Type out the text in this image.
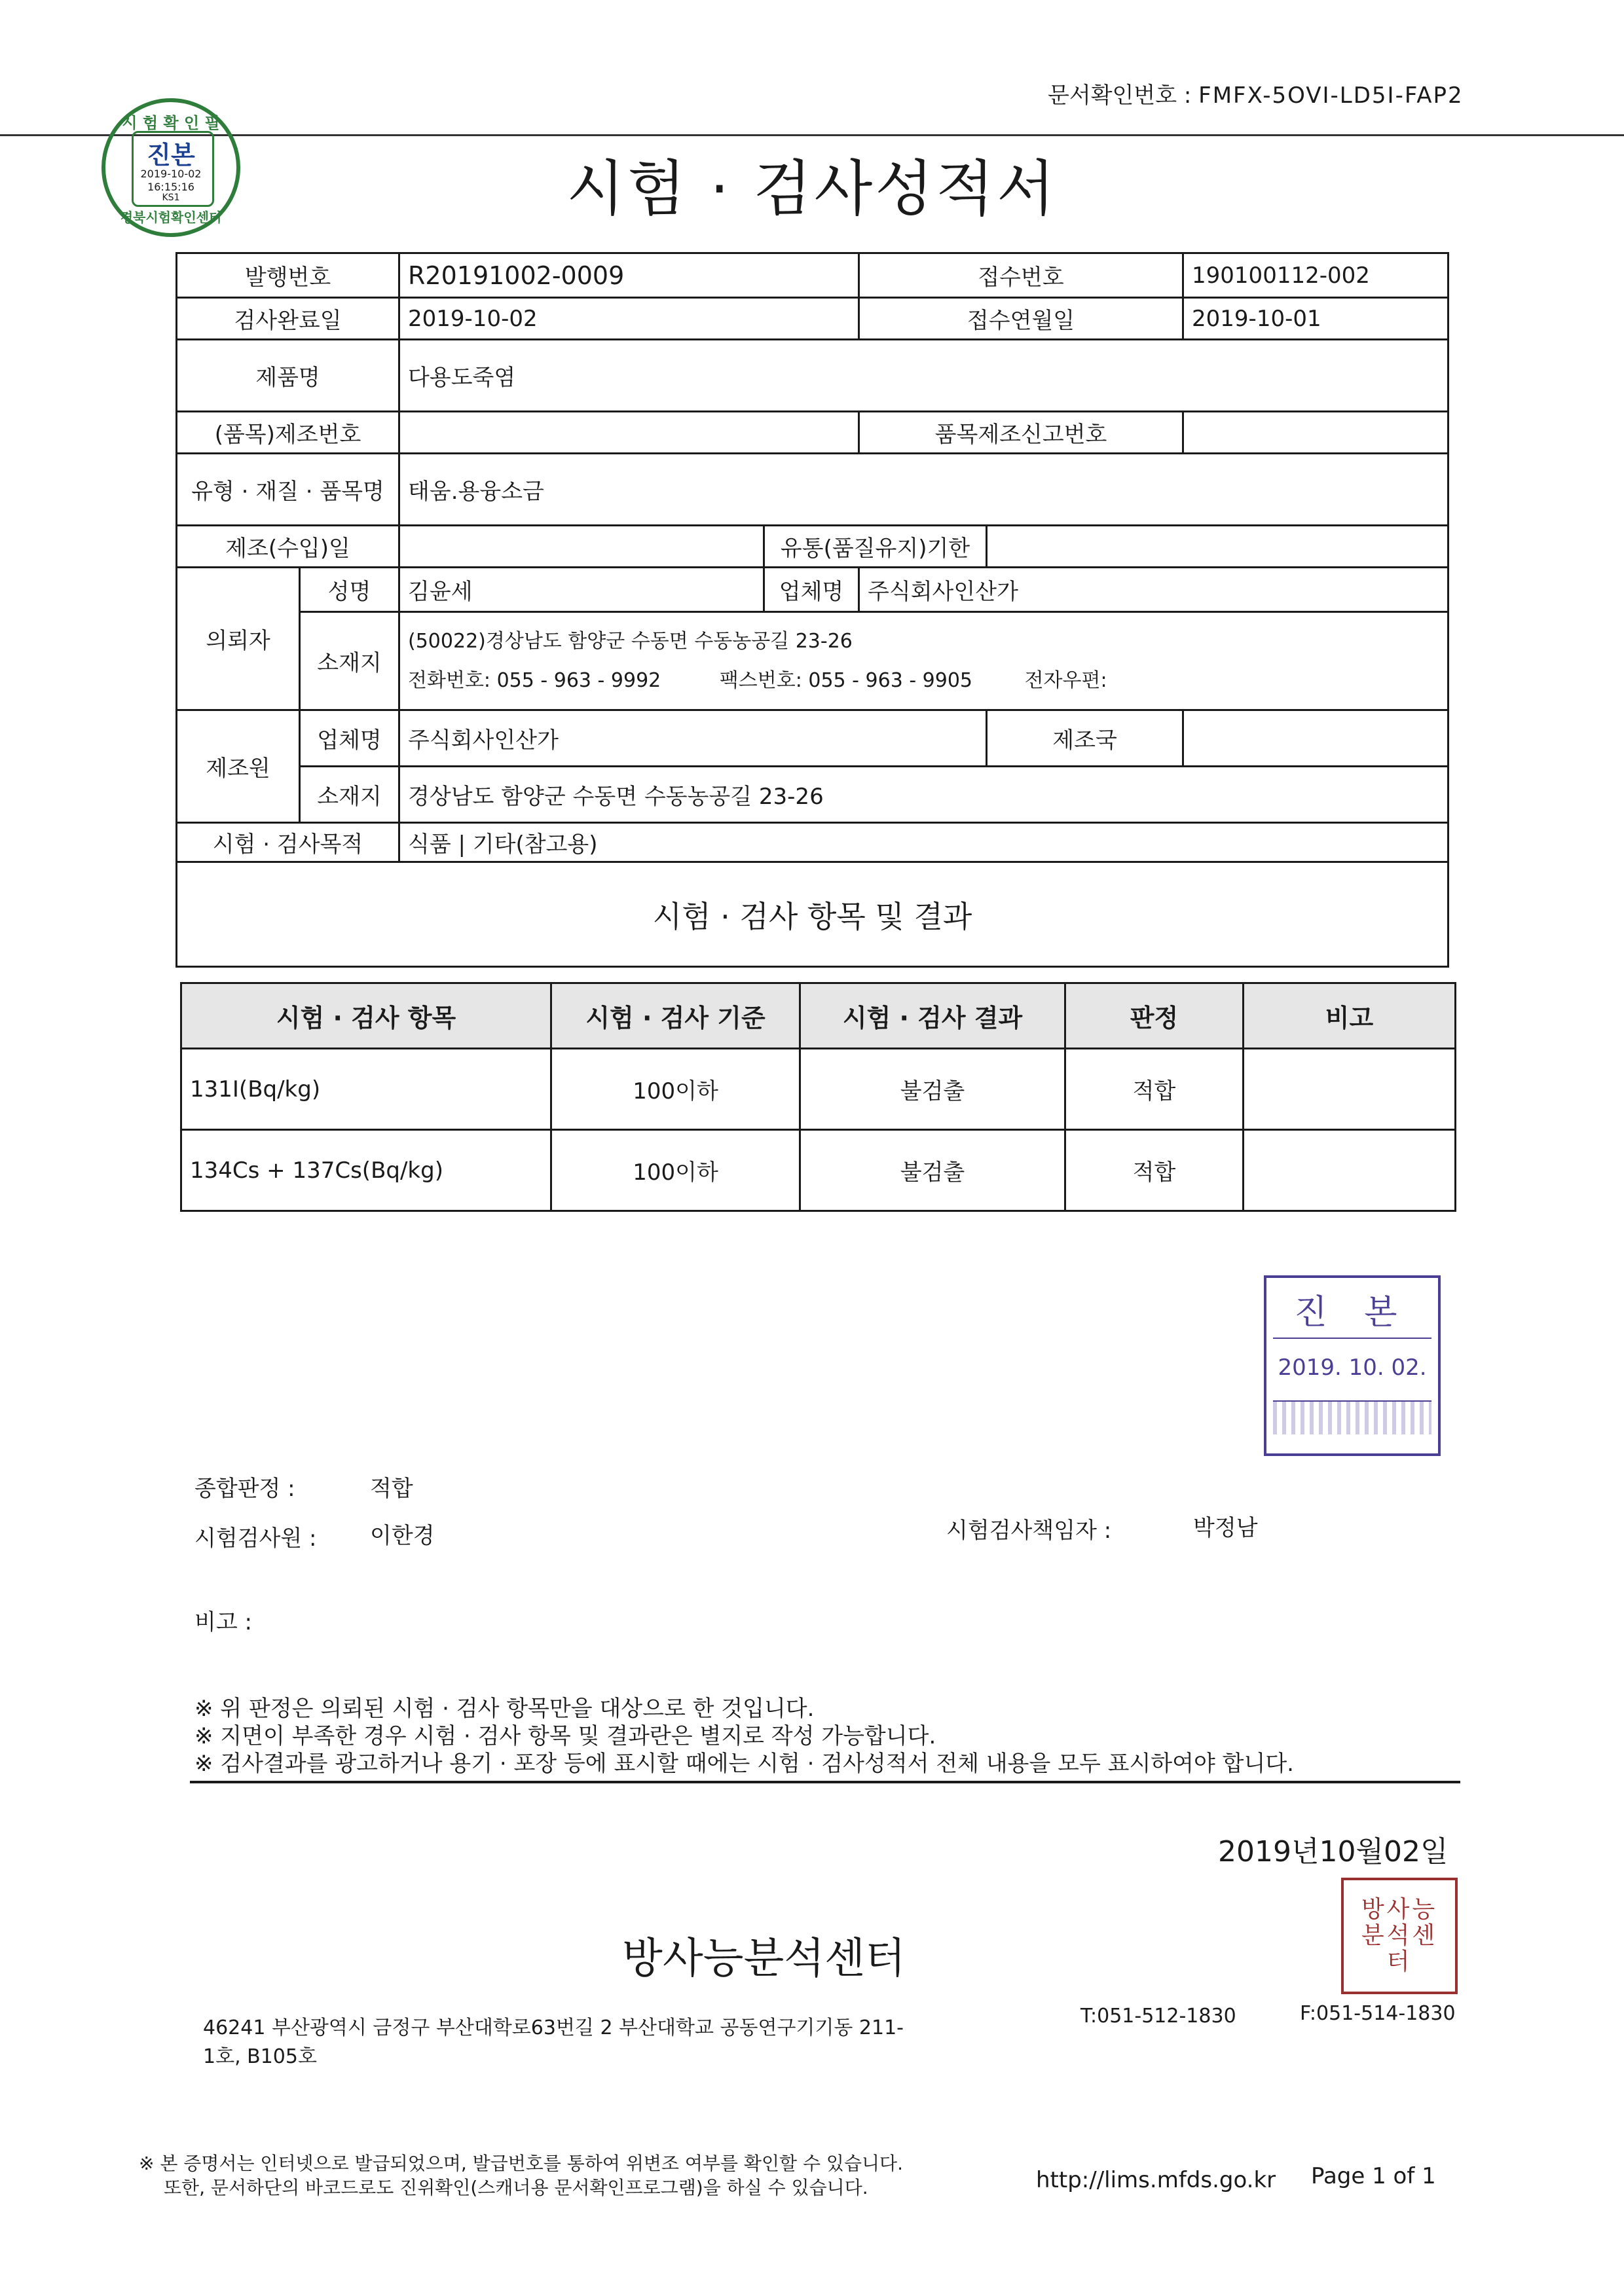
문서확인번호 : FMFX-5OVI-LD5I-FAP2
시 험 확 인 필
진본
2019-10-02
16:15:16
KS1
경북시험확인센터	시험 · 검사성적서
발행번호		R20191002-0009		접수번호		190100112-002
검사완료일		2019-10-02		접수연월일		2019-10-01
제품명		다용도죽염				
(품목)제조번호				품목제조신고번호		
유형 · 재질 · 품목명		태움.용융소금				
제조(수입)일			유통(품질유지)기한			
의뢰자	성명	김윤세	업체명	주식회사인산가		
	소재지	(50022)경상남도 함양군 수동면 수동농공길 23-26
전화번호: 055 - 963 - 9992 팩스번호: 055 - 963 - 9905 전자우편:				

제조원	업체명	주식회사인산가			제조국	
	소재지	경상남도 함양군 수동면 수동농공길 23-26				
시험 · 검사목적		식품 | 기타(참고용)				
시험 · 검사 항목 및 결과						
시험 · 검사 항목	시험 · 검사 기준	시험 · 검사 결과	판정	비고
131I(Bq/kg)	100이하	불검출	적합	
134Cs + 137Cs(Bq/kg)	100이하	불검출	적합	
진 본
2019. 10. 02.
종합판정 :	적합
시험검사원 : 이한경	시험검사책임자 :	박정남
비고 :
※ 위 판정은 의뢰된 시험 · 검사 항목만을 대상으로 한 것입니다.
※ 지면이 부족한 경우 시험 · 검사 항목 및 결과란은 별지로 작성 가능합니다.
※ 검사결과를 광고하거나 용기 · 포장 등에 표시할 때에는 시험 · 검사성적서 전체 내용을 모두 표시하여야 합니다.
2019년10월02일
방사능분석센터
방사능분석센터
46241 부산광역시 금정구 부산대학로63번길 2 부산대학교 공동연구기기동 211-
1호, B105호
T:051-512-1830	F:051-514-1830
※ 본 증명서는 인터넷으로 발급되었으며, 발급번호를 통하여 위변조 여부를 확인할 수 있습니다.
또한, 문서하단의 바코드로도 진위확인(스캐너용 문서확인프로그램)을 하실 수 있습니다.	http://lims.mfds.go.kr Page 1 of 1
